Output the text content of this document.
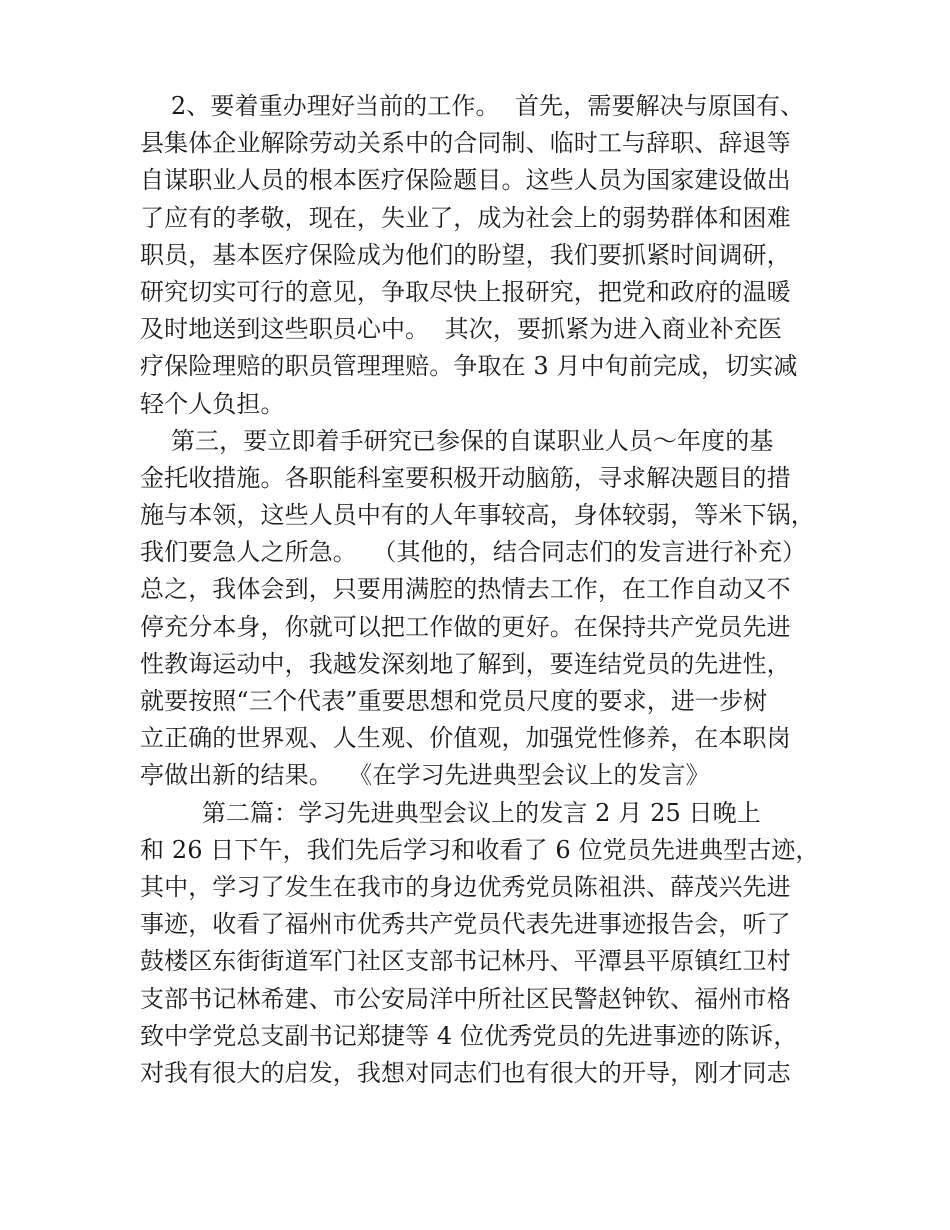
2、要着重办理好当前的工作。  首先，需要解决与原国有、
县集体企业解除劳动关系中的合同制、临时工与辞职、辞退等
自谋职业人员的根本医疗保险题目。这些人员为国家建设做出
了应有的孝敬，现在，失业了，成为社会上的弱势群体和困难
职员，基本医疗保险成为他们的盼望，我们要抓紧时间调研，
研究切实可行的意见，争取尽快上报研究，把党和政府的温暖
及时地送到这些职员心中。  其次，要抓紧为进入商业补充医
疗保险理赔的职员管理理赔。争取在 3 月中旬前完成，切实减
轻个人负担。
第三，要立即着手研究已参保的自谋职业人员～年度的基
金托收措施。各职能科室要积极开动脑筋，寻求解决题目的措
施与本领，这些人员中有的人年事较高，身体较弱，等米下锅，
我们要急人之所急。  （其他的，结合同志们的发言进行补充）
总之，我体会到，只要用满腔的热情去工作，在工作自动又不
停充分本身，你就可以把工作做的更好。在保持共产党员先进
性教诲运动中，我越发深刻地了解到，要连结党员的先进性，
就要按照“三个代表”重要思想和党员尺度的要求，进一步树
立正确的世界观、人生观、价值观，加强党性修养，在本职岗
亭做出新的结果。  《在学习先进典型会议上的发言》
第二篇：学习先进典型会议上的发言 2 月 25 日晚上
和 26 日下午，我们先后学习和收看了 6 位党员先进典型古迹，
其中，学习了发生在我市的身边优秀党员陈祖洪、薛茂兴先进
事迹，收看了福州市优秀共产党员代表先进事迹报告会，听了
鼓楼区东街街道军门社区支部书记林丹、平潭县平原镇红卫村
支部书记林希建、市公安局洋中所社区民警赵钟钦、福州市格
致中学党总支副书记郑捷等 4 位优秀党员的先进事迹的陈诉，
对我有很大的启发，我想对同志们也有很大的开导，刚才同志
